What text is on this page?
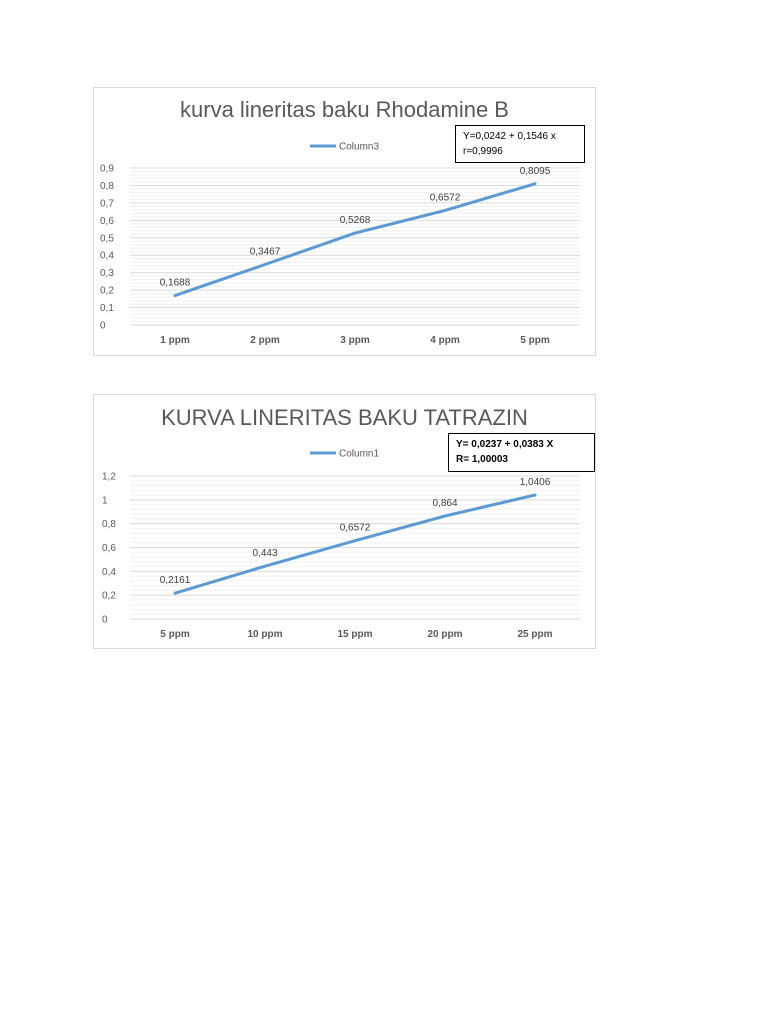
kurva lineritas baku Rhodamine B
0
0,1
0,2
0,3
0,4
0,5
0,6
0,7
0,8
0,9
1 ppm	2 ppm	3 ppm	4 ppm	5 ppm
Column3
0,1688
0,3467
0,5268
0,6572
0,8095
Y=0,0242 + 0,1546 x
r=0,9996
KURVA LINERITAS BAKU TATRAZIN
0
0,2
0,4
0,6
0,8
1
1,2
5 ppm	10 ppm	15 ppm	20 ppm	25 ppm
Column1
0,2161
0,443
0,6572
0,864
1,0406
Y= 0,0237 + 0,0383 X
R= 1,00003
